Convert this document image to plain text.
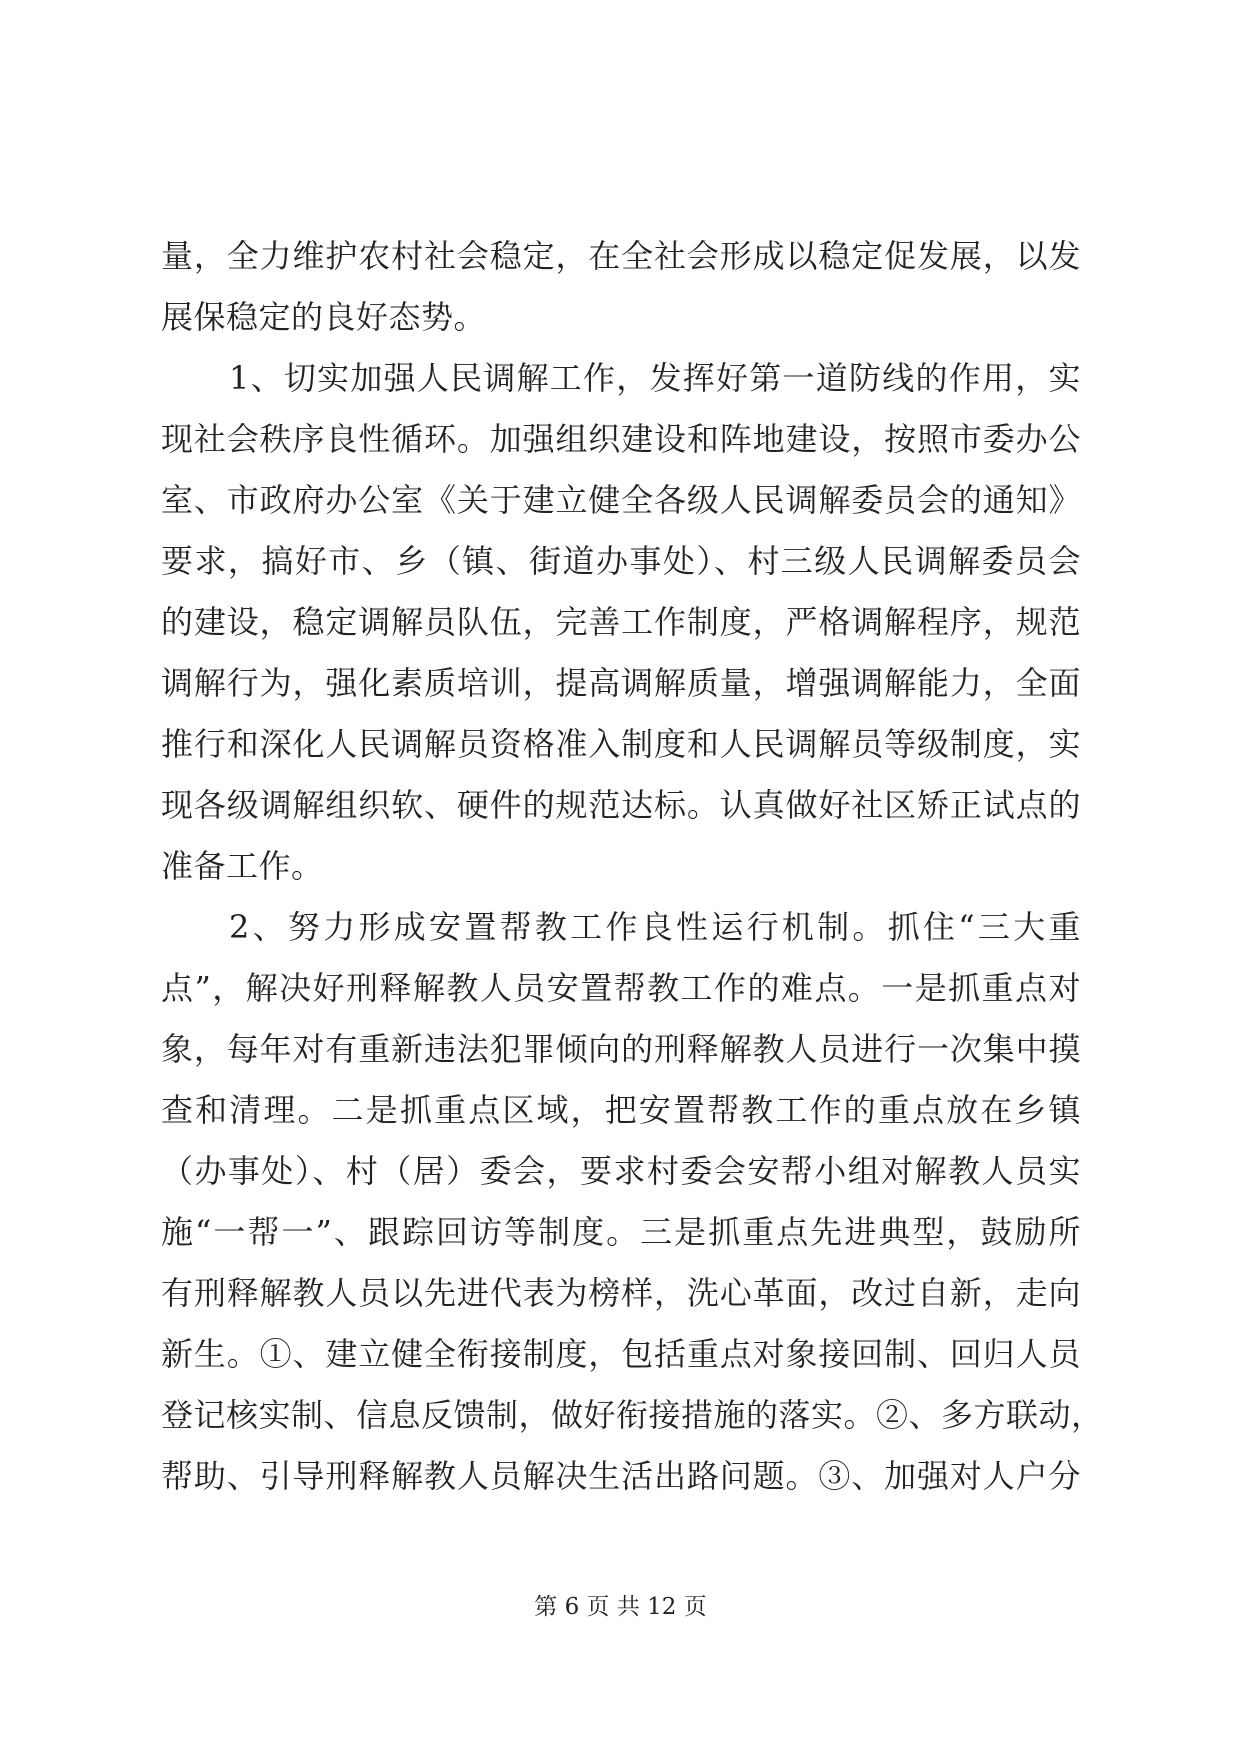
量，全力维护农村社会稳定，在全社会形成以稳定促发展，以发
展保稳定的良好态势。
1、切实加强人民调解工作，发挥好第一道防线的作用，实
现社会秩序良性循环。加强组织建设和阵地建设，按照市委办公
室、市政府办公室《关于建立健全各级人民调解委员会的通知》
要求，搞好市、乡（镇、街道办事处）、村三级人民调解委员会
的建设，稳定调解员队伍，完善工作制度，严格调解程序，规范
调解行为，强化素质培训，提高调解质量，增强调解能力，全面
推行和深化人民调解员资格准入制度和人民调解员等级制度，实
现各级调解组织软、硬件的规范达标。认真做好社区矫正试点的
准备工作。
2、努力形成安置帮教工作良性运行机制。抓住“三大重
点”，解决好刑释解教人员安置帮教工作的难点。一是抓重点对
象，每年对有重新违法犯罪倾向的刑释解教人员进行一次集中摸
查和清理。二是抓重点区域，把安置帮教工作的重点放在乡镇
（办事处）、村（居）委会，要求村委会安帮小组对解教人员实
施“一帮一”、跟踪回访等制度。三是抓重点先进典型，鼓励所
有刑释解教人员以先进代表为榜样，洗心革面，改过自新，走向
新生。①、建立健全衔接制度，包括重点对象接回制、回归人员
登记核实制、信息反馈制，做好衔接措施的落实。②、多方联动，
帮助、引导刑释解教人员解决生活出路问题。③、加强对人户分
第 6 页 共 12 页
